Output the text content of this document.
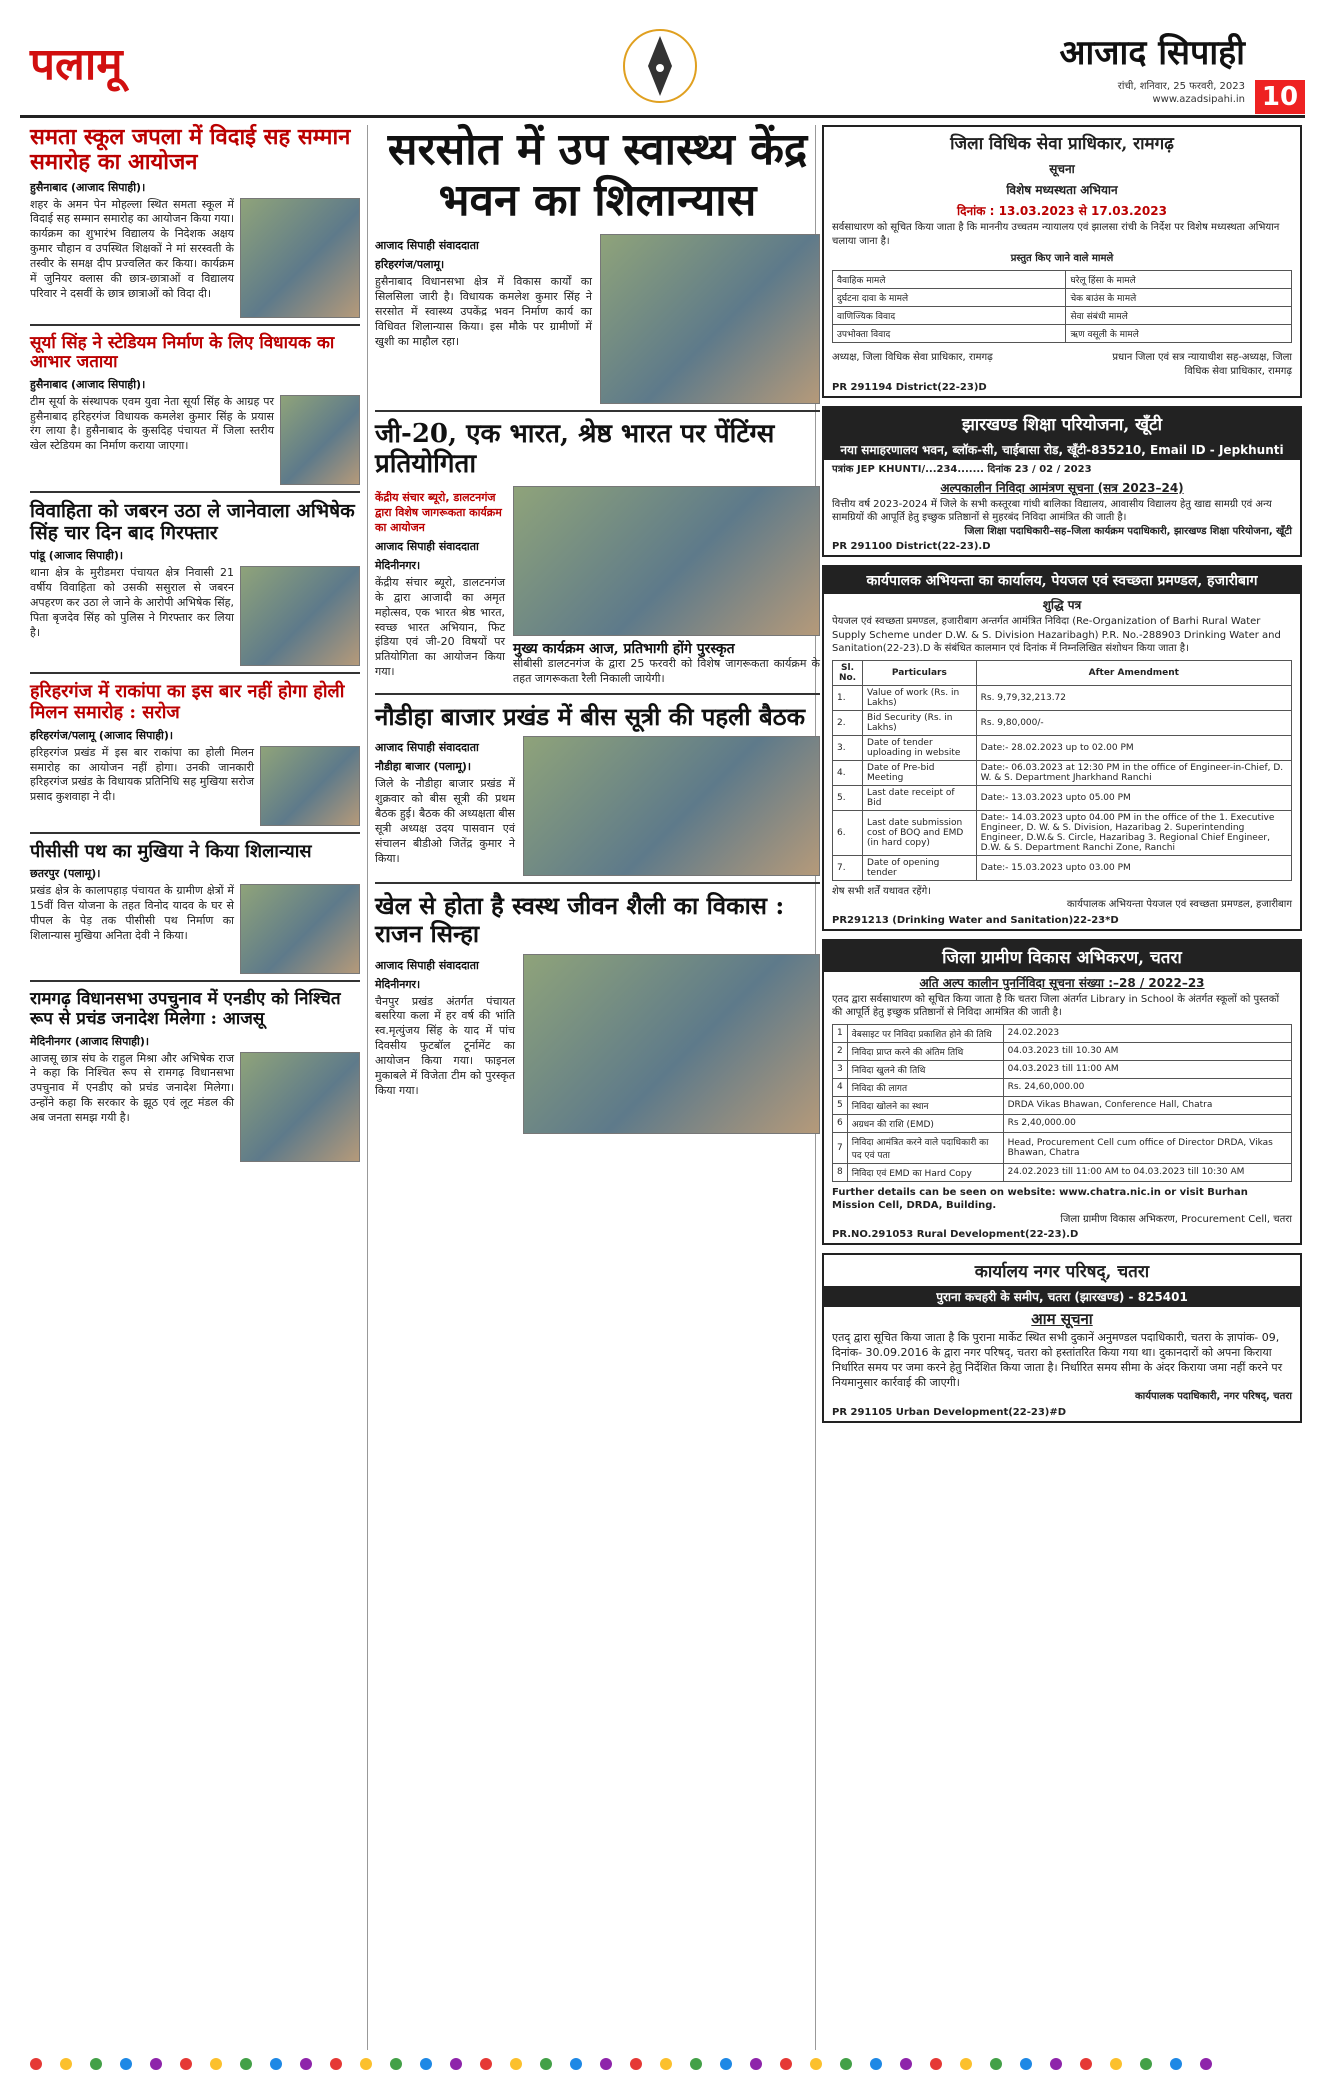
पलामू	आजाद सिपाही
रांची, शनिवार, 25 फरवरी, 2023
www.azadsipahi.in 10
समता स्कूल जपला में विदाई सह सम्मान समारोह का आयोजन
हुसैनाबाद (आजाद सिपाही)।
शहर के अमन पेन मोहल्ला स्थित समता स्कूल में विदाई सह सम्मान समारोह का आयोजन किया गया। कार्यक्रम का शुभारंभ विद्यालय के निदेशक अक्षय कुमार चौहान व उपस्थित शिक्षकों ने मां सरस्वती के तस्वीर के समक्ष दीप प्रज्वलित कर किया। कार्यक्रम में जुनियर क्लास की छात्र-छात्राओं व विद्यालय परिवार ने दसवीं के छात्र छात्राओं को विदा दी।
सूर्या सिंह ने स्टेडियम निर्माण के लिए विधायक का आभार जताया
हुसैनाबाद (आजाद सिपाही)।
टीम सूर्या के संस्थापक एवम युवा नेता सूर्या सिंह के आग्रह पर हुसैनाबाद हरिहरगंज विधायक कमलेश कुमार सिंह के प्रयास रंग लाया है। हुसैनाबाद के कुसदिह पंचायत में जिला स्तरीय खेल स्टेडियम का निर्माण कराया जाएगा।
विवाहिता को जबरन उठा ले जानेवाला अभिषेक सिंह चार दिन बाद गिरफ्तार
पांडू (आजाद सिपाही)।
थाना क्षेत्र के मुरीडमरा पंचायत क्षेत्र निवासी 21 वर्षीय विवाहिता को उसकी ससुराल से जबरन अपहरण कर उठा ले जाने के आरोपी अभिषेक सिंह, पिता बृजदेव सिंह को पुलिस ने गिरफ्तार कर लिया है।
हरिहरगंज में राकांपा का इस बार नहीं होगा होली मिलन समारोह : सरोज
हरिहरगंज/पलामू (आजाद सिपाही)।
हरिहरगंज प्रखंड में इस बार राकांपा का होली मिलन समारोह का आयोजन नहीं होगा। उनकी जानकारी हरिहरगंज प्रखंड के विधायक प्रतिनिधि सह मुखिया सरोज प्रसाद कुशवाहा ने दी।
पीसीसी पथ का मुखिया ने किया शिलान्यास
छतरपुर (पलामू)।
प्रखंड क्षेत्र के कालापहाड़ पंचायत के ग्रामीण क्षेत्रों में 15वीं वित्त योजना के तहत विनोद यादव के घर से पीपल के पेड़ तक पीसीसी पथ निर्माण का शिलान्यास मुखिया अनिता देवी ने किया।
रामगढ़ विधानसभा उपचुनाव में एनडीए को निश्चित रूप से प्रचंड जनादेश मिलेगा : आजसू
मेदिनीनगर (आजाद सिपाही)।
आजसू छात्र संघ के राहुल मिश्रा और अभिषेक राज ने कहा कि निश्चित रूप से रामगढ़ विधानसभा उपचुनाव में एनडीए को प्रचंड जनादेश मिलेगा। उन्होंने कहा कि सरकार के झूठ एवं लूट मंडल की अब जनता समझ गयी है।
सरसोत में उप स्वास्थ्य केंद्र भवन का शिलान्यास
आजाद सिपाही संवाददाता
हरिहरगंज/पलामू।
हुसैनाबाद विधानसभा क्षेत्र में विकास कार्यों का सिलसिला जारी है। विधायक कमलेश कुमार सिंह ने सरसोत में स्वास्थ्य उपकेंद्र भवन निर्माण कार्य का विधिवत शिलान्यास किया। इस मौके पर ग्रामीणों में खुशी का माहौल रहा।
जी-20, एक भारत, श्रेष्ठ भारत पर पेंटिंग्स प्रतियोगिता
केंद्रीय संचार ब्यूरो, डालटनगंज द्वारा विशेष जागरूकता कार्यक्रम का आयोजन
आजाद सिपाही संवाददाता
मेदिनीनगर।
केंद्रीय संचार ब्यूरो, डालटनगंज के द्वारा आजादी का अमृत महोत्सव, एक भारत श्रेष्ठ भारत, स्वच्छ भारत अभियान, फिट इंडिया एवं जी-20 विषयों पर प्रतियोगिता का आयोजन किया गया।
मुख्य कार्यक्रम आज, प्रतिभागी होंगे पुरस्कृत
सीबीसी डालटनगंज के द्वारा 25 फरवरी को विशेष जागरूकता कार्यक्रम के तहत जागरूकता रैली निकाली जायेगी।
नौडीहा बाजार प्रखंड में बीस सूत्री की पहली बैठक
आजाद सिपाही संवाददाता
नौडीहा बाजार (पलामू)।
जिले के नौडीहा बाजार प्रखंड में शुक्रवार को बीस सूत्री की प्रथम बैठक हुई। बैठक की अध्यक्षता बीस सूत्री अध्यक्ष उदय पासवान एवं संचालन बीडीओ जितेंद्र कुमार ने किया।
खेल से होता है स्वस्थ जीवन शैली का विकास : राजन सिन्हा
आजाद सिपाही संवाददाता
मेदिनीनगर।
चैनपुर प्रखंड अंतर्गत पंचायत बसरिया कला में हर वर्ष की भांति स्व.मृत्युंजय सिंह के याद में पांच दिवसीय फुटबॉल टूर्नामेंट का आयोजन किया गया। फाइनल मुकाबले में विजेता टीम को पुरस्कृत किया गया।
जिला विधिक सेवा प्राधिकार, रामगढ़
सूचना
विशेष मध्यस्थता अभियान
दिनांक : 13.03.2023 से 17.03.2023
सर्वसाधारण को सूचित किया जाता है कि माननीय उच्चतम न्यायालय एवं झालसा रांची के निर्देश पर विशेष मध्यस्थता अभियान चलाया जाना है।
प्रस्तुत किए जाने वाले मामले
वैवाहिक मामले	घरेलू हिंसा के मामले
दुर्घटना दावा के मामले	चेक बाउंस के मामले
वाणिज्यिक विवाद	सेवा संबंधी मामले
उपभोक्ता विवाद	ऋण वसूली के मामले
अध्यक्ष, जिला विधिक सेवा प्राधिकार, रामगढ़	प्रधान जिला एवं सत्र न्यायाधीश सह-अध्यक्ष, जिला विधिक सेवा प्राधिकार, रामगढ़
PR 291194 District(22-23)D
झारखण्ड शिक्षा परियोजना, खूँटी
नया समाहरणालय भवन, ब्लॉक-सी, चाईबासा रोड, खूँटी-835210, Email ID - Jepkhunti
पत्रांक JEP KHUNTI/...234....... दिनांक 23 / 02 / 2023
अल्पकालीन निविदा आमंत्रण सूचना (सत्र 2023–24)
वित्तीय वर्ष 2023-2024 में जिले के सभी कस्तूरबा गांधी बालिका विद्यालय, आवासीय विद्यालय हेतु खाद्य सामग्री एवं अन्य सामग्रियों की आपूर्ति हेतु इच्छुक प्रतिष्ठानों से मुहरबंद निविदा आमंत्रित की जाती है।
जिला शिक्षा पदाधिकारी–सह–जिला कार्यक्रम पदाधिकारी, झारखण्ड शिक्षा परियोजना, खूँटी
PR 291100 District(22-23).D
कार्यपालक अभियन्ता का कार्यालय, पेयजल एवं स्वच्छता प्रमण्डल, हजारीबाग
शुद्धि पत्र
पेयजल एवं स्वच्छता प्रमण्डल, हजारीबाग अन्तर्गत आमंत्रित निविदा (Re-Organization of Barhi Rural Water Supply Scheme under D.W. & S. Division Hazaribagh) P.R. No.-288903 Drinking Water and Sanitation(22-23).D के संबंधित कालमान एवं दिनांक में निम्नलिखित संशोधन किया जाता है।
Sl. No.	Particulars	After Amendment
1.	Value of work (Rs. in Lakhs)	Rs. 9,79,32,213.72
2.	Bid Security (Rs. in Lakhs)	Rs. 9,80,000/-
3.	Date of tender uploading in website	Date:- 28.02.2023 up to 02.00 PM
4.	Date of Pre-bid Meeting	Date:- 06.03.2023 at 12:30 PM in the office of Engineer-in-Chief, D. W. & S. Department Jharkhand Ranchi
5.	Last date receipt of Bid	Date:- 13.03.2023 upto 05.00 PM
6.	Last date submission cost of BOQ and EMD (in hard copy)	Date:- 14.03.2023 upto 04.00 PM in the office of the 1. Executive Engineer, D. W. & S. Division, Hazaribag 2. Superintending Engineer, D.W.& S. Circle, Hazaribag 3. Regional Chief Engineer, D.W. & S. Department Ranchi Zone, Ranchi
7.	Date of opening tender	Date:- 15.03.2023 upto 03.00 PM
शेष सभी शर्तें यथावत रहेंगे।
कार्यपालक अभियन्ता पेयजल एवं स्वच्छता प्रमण्डल, हजारीबाग
PR291213 (Drinking Water and Sanitation)22-23*D
जिला ग्रामीण विकास अभिकरण, चतरा
अति अल्प कालीन पुनर्निविदा सूचना संख्या :–28 / 2022–23
एतद द्वारा सर्वसाधारण को सूचित किया जाता है कि चतरा जिला अंतर्गत Library in School के अंतर्गत स्कूलों को पुस्तकों की आपूर्ति हेतु इच्छुक प्रतिष्ठानों से निविदा आमंत्रित की जाती है।
1	वेबसाइट पर निविदा प्रकाशित होने की तिथि	24.02.2023
2	निविदा प्राप्त करने की अंतिम तिथि	04.03.2023 till 10.30 AM
3	निविदा खुलने की तिथि	04.03.2023 till 11:00 AM
4	निविदा की लागत	Rs. 24,60,000.00
5	निविदा खोलने का स्थान	DRDA Vikas Bhawan, Conference Hall, Chatra
6	अग्रधन की राशि (EMD)	Rs 2,40,000.00
7	निविदा आमंत्रित करने वाले पदाधिकारी का पद एवं पता	Head, Procurement Cell cum office of Director DRDA, Vikas Bhawan, Chatra
8	निविदा एवं EMD का Hard Copy	24.02.2023 till 11:00 AM to 04.03.2023 till 10:30 AM
Further details can be seen on website: www.chatra.nic.in or visit Burhan Mission Cell, DRDA, Building.
जिला ग्रामीण विकास अभिकरण, Procurement Cell, चतरा
PR.NO.291053 Rural Development(22-23).D
कार्यालय नगर परिषद्, चतरा
पुराना कचहरी के समीप, चतरा (झारखण्ड) - 825401
आम सूचना
एतद् द्वारा सूचित किया जाता है कि पुराना मार्केट स्थित सभी दुकानें अनुमण्डल पदाधिकारी, चतरा के ज्ञापांक- 09, दिनांक- 30.09.2016 के द्वारा नगर परिषद्, चतरा को हस्तांतरित किया गया था। दुकानदारों को अपना किराया निर्धारित समय पर जमा करने हेतु निर्देशित किया जाता है। निर्धारित समय सीमा के अंदर किराया जमा नहीं करने पर नियमानुसार कार्रवाई की जाएगी।
कार्यपालक पदाधिकारी, नगर परिषद्, चतरा
PR 291105 Urban Development(22-23)#D
